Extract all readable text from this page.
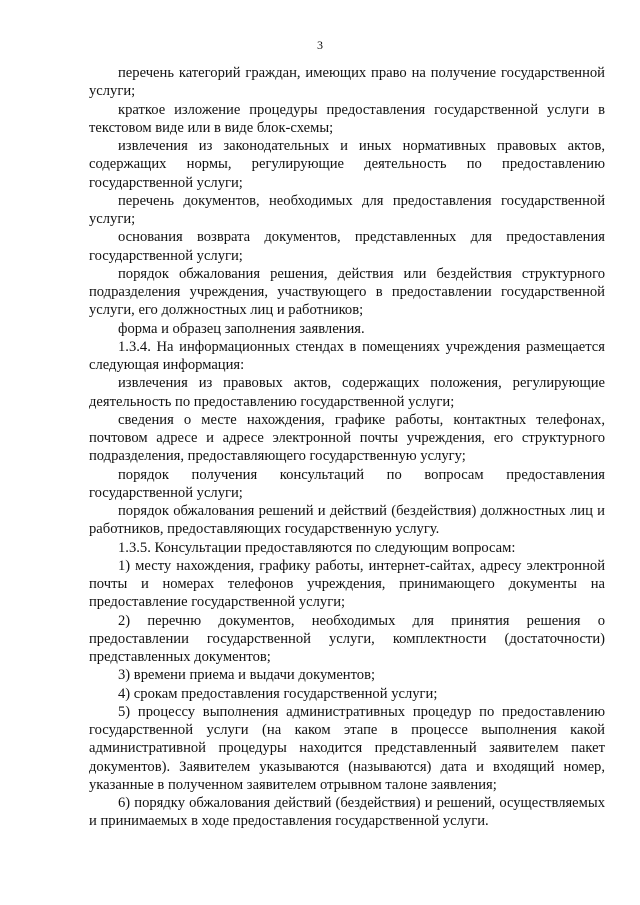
3

перечень категорий граждан, имеющих право на получение государственной услуги;

краткое изложение процедуры предоставления государственной услуги в текстовом виде или в виде блок-схемы;

извлечения из законодательных и иных нормативных правовых актов, содержащих нормы, регулирующие деятельность по предоставлению государственной услуги;

перечень документов, необходимых для предоставления государственной услуги;

основания возврата документов, представленных для предоставления государственной услуги;

порядок обжалования решения, действия или бездействия структурного подразделения учреждения, участвующего в предоставлении государственной услуги, его должностных лиц и работников;

форма и образец заполнения заявления.

1.3.4. На информационных стендах в помещениях учреждения размещается следующая информация:

извлечения из правовых актов, содержащих положения, регулирующие деятельность по предоставлению государственной услуги;

сведения о месте нахождения, графике работы, контактных телефонах, почтовом адресе и адресе электронной почты учреждения, его структурного подразделения, предоставляющего государственную услугу;

порядок получения консультаций по вопросам предоставления государственной услуги;

порядок обжалования решений и действий (бездействия) должностных лиц и работников, предоставляющих государственную услугу.

1.3.5. Консультации предоставляются по следующим вопросам:

1) месту нахождения, графику работы, интернет-сайтах, адресу электронной почты и номерах телефонов учреждения, принимающего документы на предоставление государственной услуги;

2) перечню документов, необходимых для принятия решения о предоставлении государственной услуги, комплектности (достаточности) представленных документов;

3) времени приема и выдачи документов;

4) срокам предоставления государственной услуги;

5) процессу выполнения административных процедур по предоставлению государственной услуги (на каком этапе в процессе выполнения какой административной процедуры находится представленный заявителем пакет документов). Заявителем указываются (называются) дата и входящий номер, указанные в полученном заявителем отрывном талоне заявления;

6) порядку обжалования действий (бездействия) и решений, осуществляемых и принимаемых в ходе предоставления государственной услуги.
